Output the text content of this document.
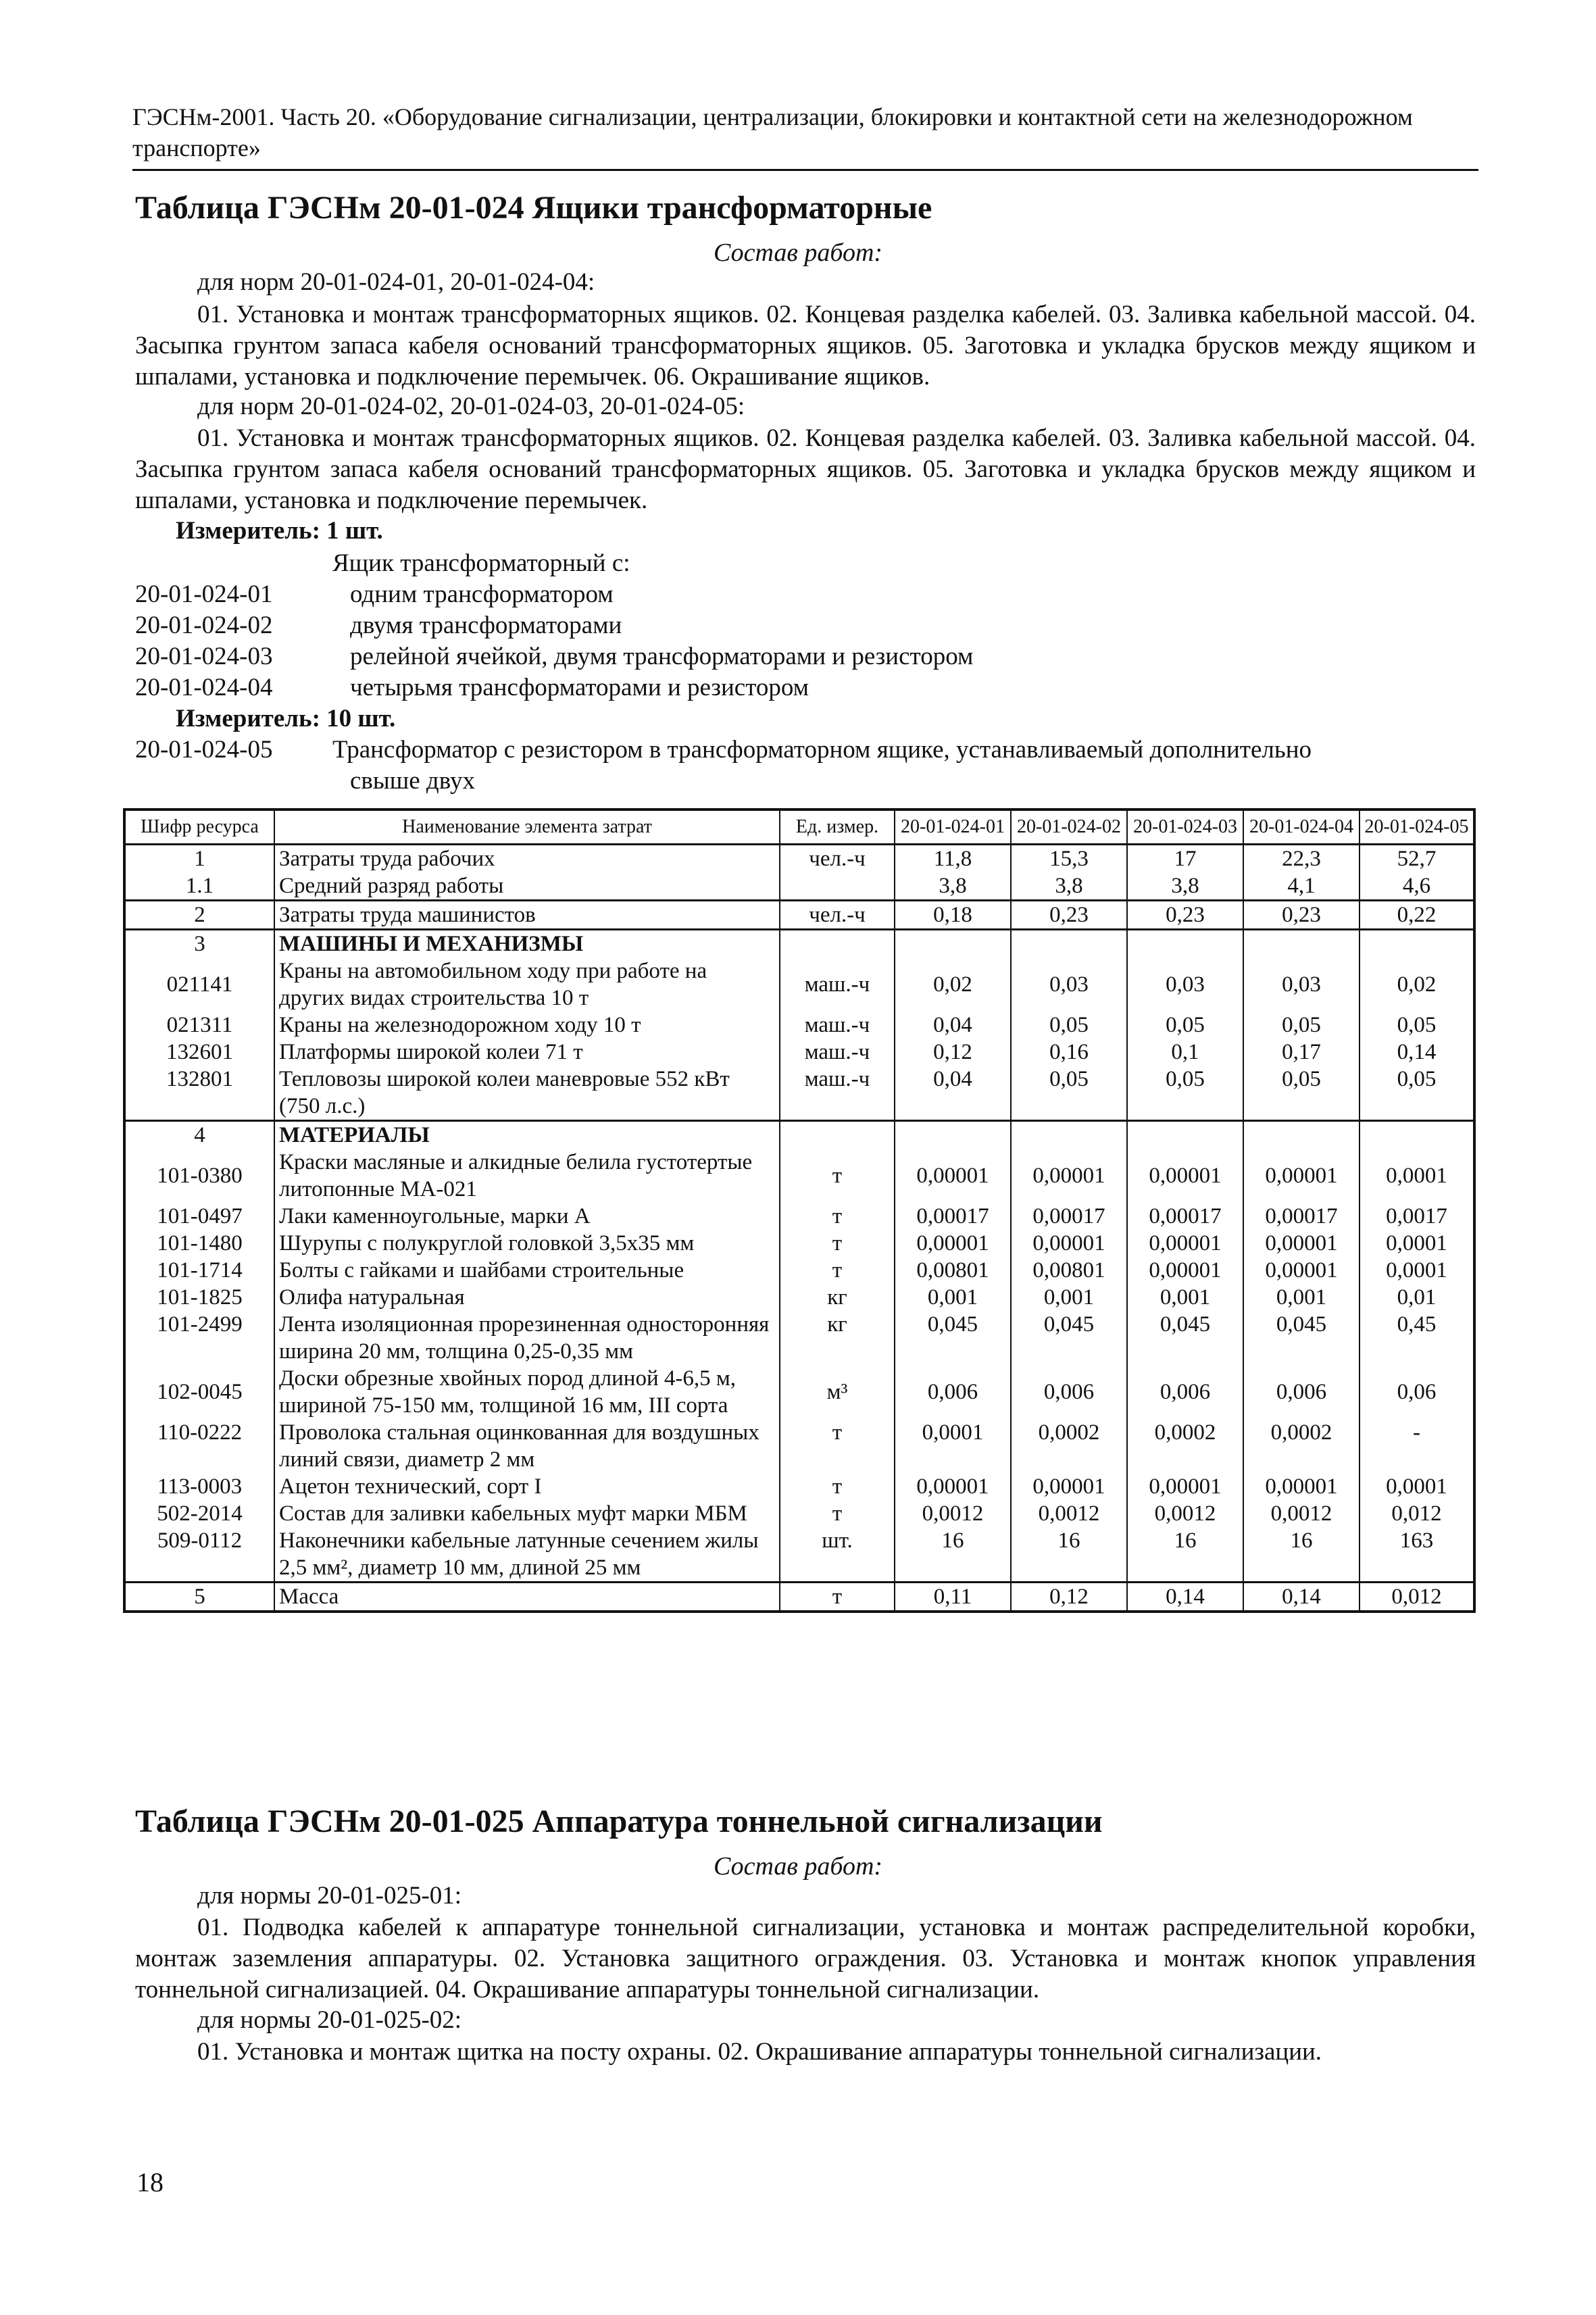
ГЭСНм-2001. Часть 20. «Оборудование сигнализации, централизации, блокировки и контактной сети на железнодорожном транспорте»
Таблица ГЭСНм 20-01-024 Ящики трансформаторные
Состав работ:
для норм 20-01-024-01, 20-01-024-04:
01. Установка и монтаж трансформаторных ящиков. 02. Концевая разделка кабелей. 03. Заливка кабельной массой. 04. Засыпка грунтом запаса кабеля оснований трансформаторных ящиков. 05. Заготовка и укладка брусков между ящиком и шпалами, установка и подключение перемычек. 06. Окрашивание ящиков.
для норм 20-01-024-02, 20-01-024-03, 20-01-024-05:
01. Установка и монтаж трансформаторных ящиков. 02. Концевая разделка кабелей. 03. Заливка кабельной массой. 04. Засыпка грунтом запаса кабеля оснований трансформаторных ящиков. 05. Заготовка и укладка брусков между ящиком и шпалами, установка и подключение перемычек.
Измеритель: 1 шт.
Ящик трансформаторный с:
20-01-024-01	одним трансформатором
20-01-024-02	двумя трансформаторами
20-01-024-03	релейной ячейкой, двумя трансформаторами и резистором
20-01-024-04	четырьмя трансформаторами и резистором
Измеритель: 10 шт.
20-01-024-05 Трансформатор с резистором в трансформаторном ящике, устанавливаемый дополнительно
свыше двух
Шифр ресурса	Наименование элемента затрат	Ед. измер.	20-01-024-01	20-01-024-02	20-01-024-03	20-01-024-04	20-01-024-05
1	Затраты труда рабочих	чел.-ч	11,8	15,3	17	22,3	52,7
1.1	Средний разряд работы		3,8	3,8	3,8	4,1	4,6
2	Затраты труда машинистов	чел.-ч	0,18	0,23	0,23	0,23	0,22
3	МАШИНЫ И МЕХАНИЗМЫ						
021141	Краны на автомобильном ходу при работе на других видах строительства 10 т	маш.-ч	0,02	0,03	0,03	0,03	0,02
021311	Краны на железнодорожном ходу 10 т	маш.-ч	0,04	0,05	0,05	0,05	0,05
132601	Платформы широкой колеи 71 т	маш.-ч	0,12	0,16	0,1	0,17	0,14
132801	Тепловозы широкой колеи маневровые 552 кВт (750 л.с.)	маш.-ч	0,04	0,05	0,05	0,05	0,05
4	МАТЕРИАЛЫ						
101-0380	Краски масляные и алкидные белила густотертые литопонные МА-021	т	0,00001	0,00001	0,00001	0,00001	0,0001
101-0497	Лаки каменноугольные, марки А	т	0,00017	0,00017	0,00017	0,00017	0,0017
101-1480	Шурупы с полукруглой головкой 3,5x35 мм	т	0,00001	0,00001	0,00001	0,00001	0,0001
101-1714	Болты с гайками и шайбами строительные	т	0,00801	0,00801	0,00001	0,00001	0,0001
101-1825	Олифа натуральная	кг	0,001	0,001	0,001	0,001	0,01
101-2499	Лента изоляционная прорезиненная односторонняя ширина 20 мм, толщина 0,25-0,35 мм	кг	0,045	0,045	0,045	0,045	0,45
102-0045	Доски обрезные хвойных пород длиной 4-6,5 м, шириной 75-150 мм, толщиной 16 мм, III сорта	м³	0,006	0,006	0,006	0,006	0,06
110-0222	Проволока стальная оцинкованная для воздушных линий связи, диаметр 2 мм	т	0,0001	0,0002	0,0002	0,0002	-
113-0003	Ацетон технический, сорт I	т	0,00001	0,00001	0,00001	0,00001	0,0001
502-2014	Состав для заливки кабельных муфт марки МБМ	т	0,0012	0,0012	0,0012	0,0012	0,012
509-0112	Наконечники кабельные латунные сечением жилы 2,5 мм², диаметр 10 мм, длиной 25 мм	шт.	16	16	16	16	163
5	Масса	т	0,11	0,12	0,14	0,14	0,012
Таблица ГЭСНм 20-01-025 Аппаратура тоннельной сигнализации
Состав работ:
для нормы 20-01-025-01:
01. Подводка кабелей к аппаратуре тоннельной сигнализации, установка и монтаж распределительной коробки, монтаж заземления аппаратуры. 02. Установка защитного ограждения. 03. Установка и монтаж кнопок управления тоннельной сигнализацией. 04. Окрашивание аппаратуры тоннельной сигнализации.
для нормы 20-01-025-02:
01. Установка и монтаж щитка на посту охраны. 02. Окрашивание аппаратуры тоннельной сигнализации.
18
